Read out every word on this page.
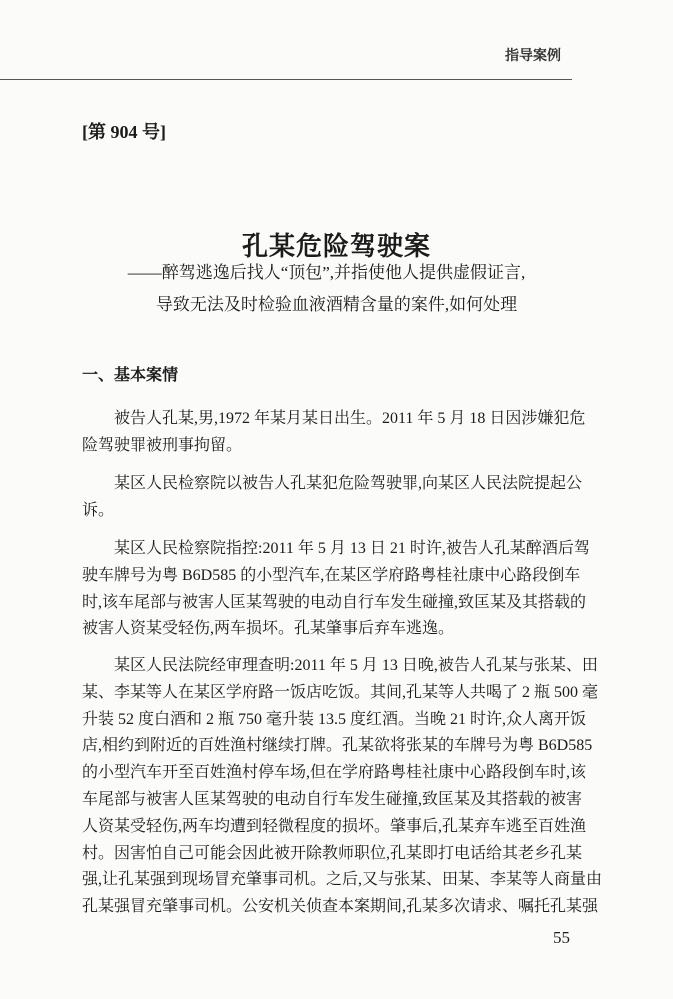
指导案例
[第 904 号]
孔某危险驾驶案
——醉驾逃逸后找人“顶包”,并指使他人提供虚假证言,
导致无法及时检验血液酒精含量的案件,如何处理
一、基本案情
被告人孔某,男,1972 年某月某日出生。2011 年 5 月 18 日因涉嫌犯危
险驾驶罪被刑事拘留。
某区人民检察院以被告人孔某犯危险驾驶罪,向某区人民法院提起公
诉。
某区人民检察院指控:2011 年 5 月 13 日 21 时许,被告人孔某醉酒后驾
驶车牌号为粤 B6D585 的小型汽车,在某区学府路粤桂社康中心路段倒车
时,该车尾部与被害人匡某驾驶的电动自行车发生碰撞,致匡某及其搭载的
被害人资某受轻伤,两车损坏。孔某肇事后弃车逃逸。
某区人民法院经审理查明:2011 年 5 月 13 日晚,被告人孔某与张某、田
某、李某等人在某区学府路一饭店吃饭。其间,孔某等人共喝了 2 瓶 500 毫
升装 52 度白酒和 2 瓶 750 毫升装 13.5 度红酒。当晚 21 时许,众人离开饭
店,相约到附近的百姓渔村继续打牌。孔某欲将张某的车牌号为粤 B6D585
的小型汽车开至百姓渔村停车场,但在学府路粤桂社康中心路段倒车时,该
车尾部与被害人匡某驾驶的电动自行车发生碰撞,致匡某及其搭载的被害
人资某受轻伤,两车均遭到轻微程度的损坏。肇事后,孔某弃车逃至百姓渔
村。因害怕自己可能会因此被开除教师职位,孔某即打电话给其老乡孔某
强,让孔某强到现场冒充肇事司机。之后,又与张某、田某、李某等人商量由
孔某强冒充肇事司机。公安机关侦查本案期间,孔某多次请求、嘱托孔某强
55
